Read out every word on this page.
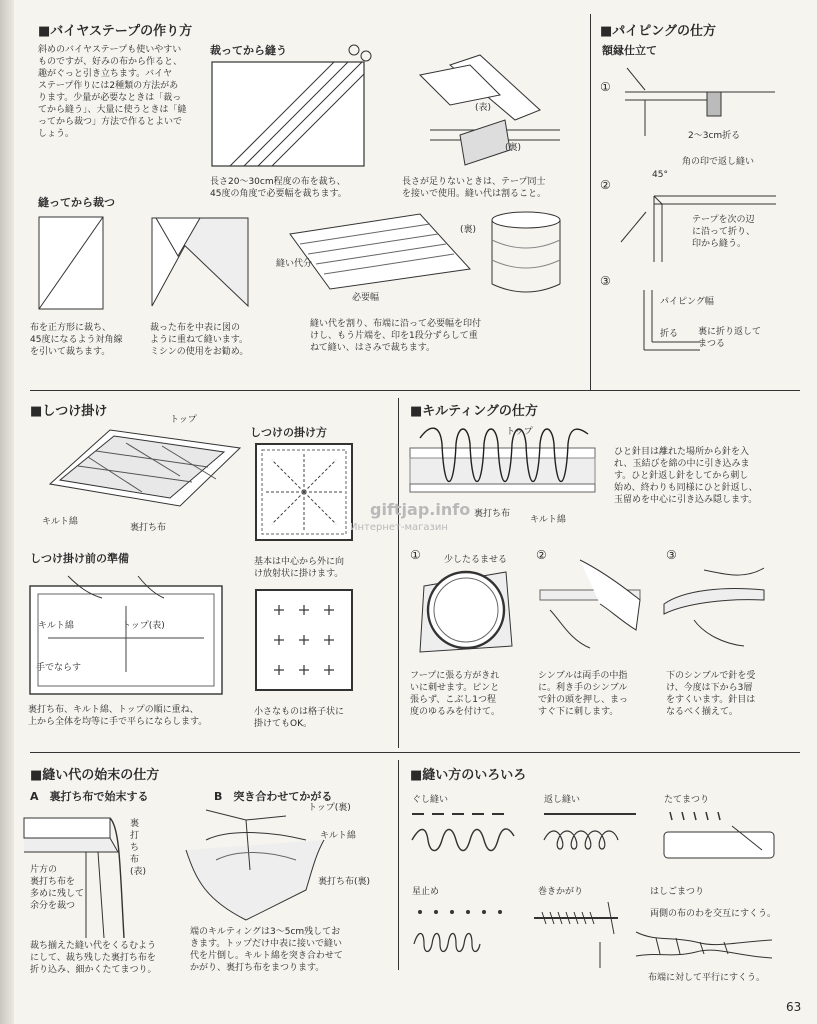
■バイヤステープの作り方
斜めのバイヤステープも使いやすい
ものですが、好みの布から作ると、
趣がぐっと引き立ちます。バイヤ
ステープ作りには2種類の方法があ
ります。少量が必要なときは「裁っ
てから縫う」、大量に使うときは「縫
ってから裁つ」方法で作るとよいで
しょう。
裁ってから縫う
長さ20〜30cm程度の布を裁ち、
45度の角度で必要幅を裁ちます。
(表)
(裏)
長さが足りないときは、テープ同士
を接いで使用。縫い代は割ること。
縫ってから裁つ
縫い代分
(裏)
必要幅
布を正方形に裁ち、
45度になるよう対角線
を引いて裁ちます。
裁った布を中表に図の
ように重ねて縫います。
ミシンの使用をお勧め。
縫い代を割り、布端に沿って必要幅を印付
けし、もう片端を、印を1段分ずらして重
ねて縫い、はさみで裁ちます。
■パイピングの仕方
額縁仕立て
①
2〜3cm折る
角の印で返し縫い
②
45°
テープを次の辺
に沿って折り、
印から縫う。
③
パイピング幅
折る 裏に折り返して
まつる
■しつけ掛け
トップ
キルト綿
裏打ち布
しつけの掛け方
基本は中心から外に向
け放射状に掛けます。
しつけ掛け前の準備
キルト綿	トップ(表)
手でならす
裏打ち布、キルト綿、トップの順に重ね、
上から全体を均等に手で平らにならします。
小さなものは格子状に
掛けてもOK。
■キルティングの仕方
トップ
裏打ち布
キルト綿
ひと針目は離れた場所から針を入
れ、玉結びを綿の中に引き込みま
す。ひと針返し針をしてから刺し
始め、終わりも同様にひと針返し、
玉留めを中心に引き込み隠します。
①	少したるませる ②	③
フープに張る方がきれ
いに刺せます。ピンと
張らず、こぶし1つ程
度のゆるみを付けて。
シンブルは両手の中指
に。利き手のシンブル
で針の頭を押し、まっ
すぐ下に刺します。
下のシンブルで針を受
け、今度は下から3層
をすくいます。針目は
なるべく揃えて。
■縫い代の始末の仕方
A　裏打ち布で始末する
裏打ち布(表)
片方の
裏打ち布を
多めに残して
余分を裁つ
裁ち揃えた縫い代をくるむよう
にして、裁ち残した裏打ち布を
折り込み、細かくたてまつり。
B　突き合わせてかがる
トップ(裏)
キルト綿
裏打ち布(裏)
端のキルティングは3〜5cm残してお
きます。トップだけ中表に接いで縫い
代を片倒し。キルト綿を突き合わせて
かがり、裏打ち布をまつります。
■縫い方のいろいろ
ぐし縫い	返し縫い	たてまつり
星止め	巻きかがり	はしごまつり
両側の布のわを交互にすくう。
布端に対して平行にすくう。
giftjap.info
Интернет-магазин
63
